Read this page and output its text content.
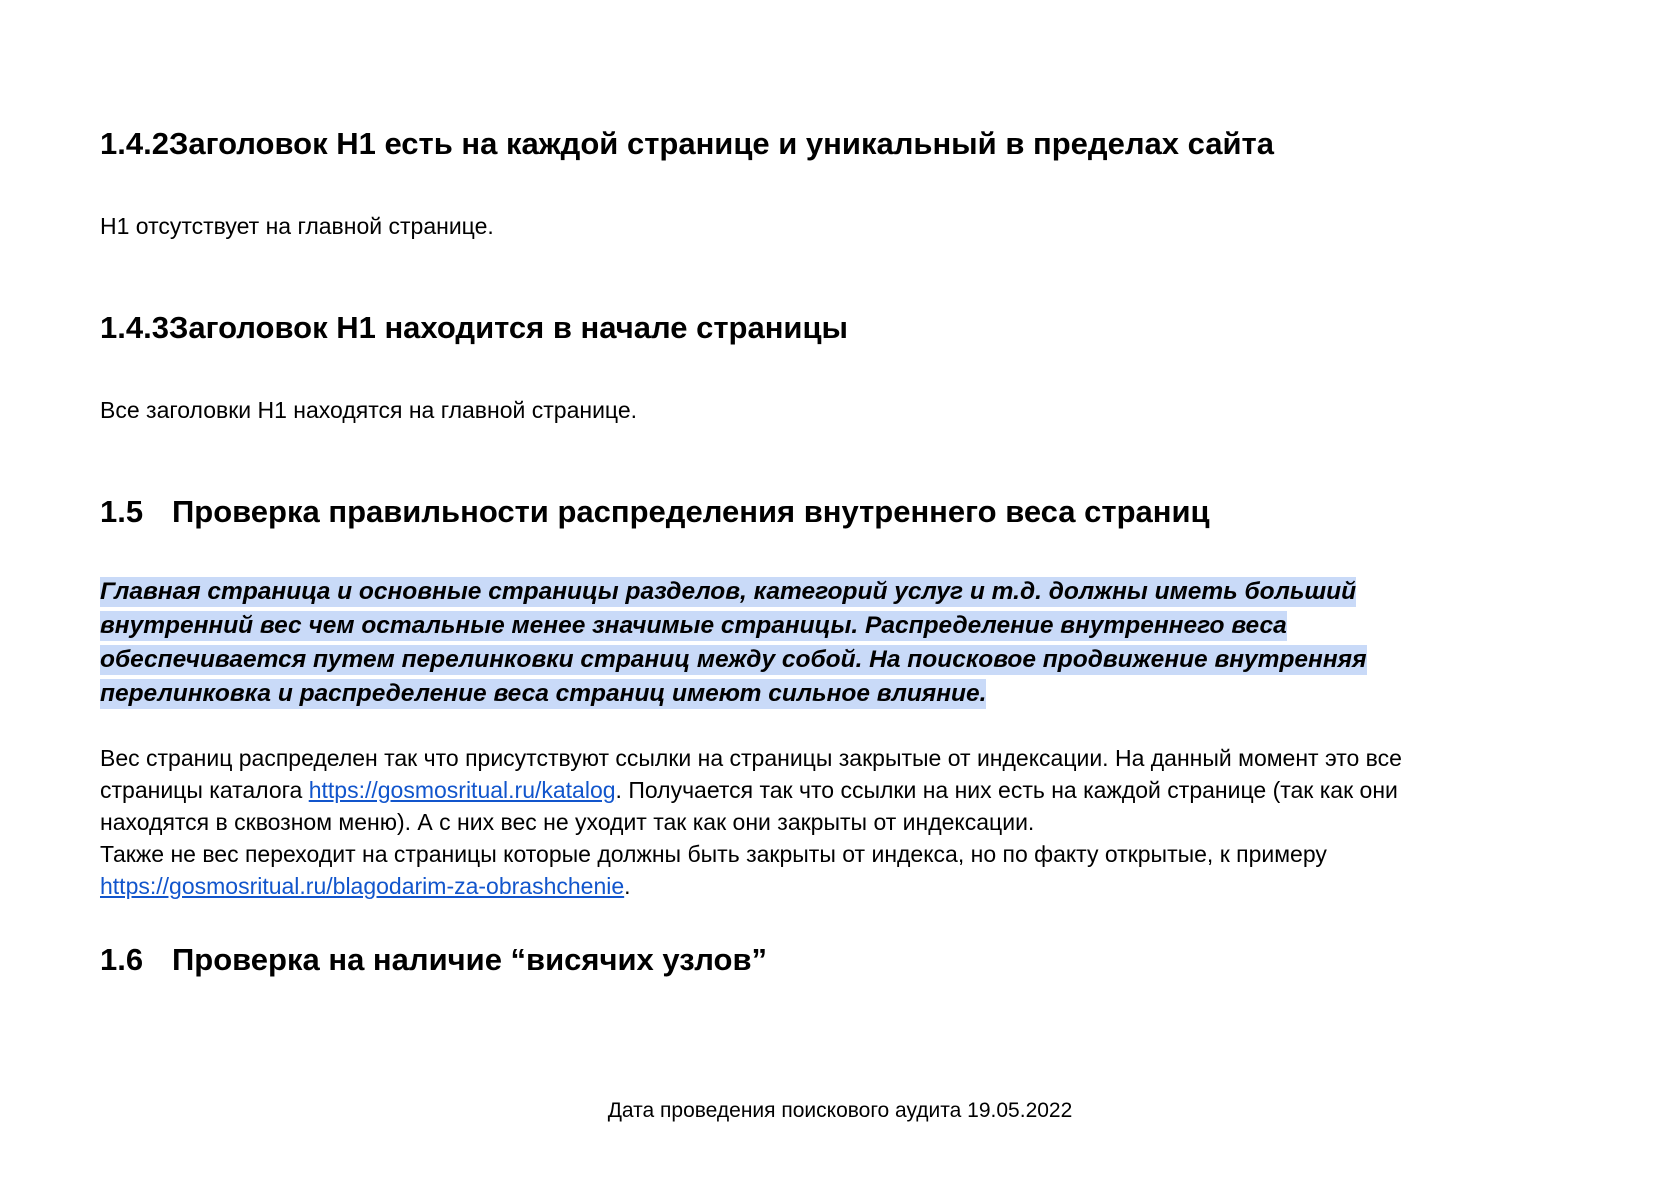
1.4.2Заголовок H1 есть на каждой странице и уникальный в пределах сайта

H1 отсутствует на главной странице.

1.4.3Заголовок H1 находится в начале страницы

Все заголовки H1 находятся на главной странице.

1.5 Проверка правильности распределения внутреннего веса страниц
Главная страница и основные страницы разделов, категорий услуг и т.д. должны иметь больший
внутренний вес чем остальные менее значимые страницы. Распределение внутреннего веса
обеспечивается путем перелинковки страниц между собой. На поисковое продвижение внутренняя
перелинковка и распределение веса страниц имеют сильное влияние.
Вес страниц распределен так что присутствуют ссылки на страницы закрытые от индексации. На данный момент это все
страницы каталога https://gosmosritual.ru/katalog. Получается так что ссылки на них есть на каждой странице (так как они
находятся в сквозном меню). А с них вес не уходит так как они закрыты от индексации.
Также не вес переходит на страницы которые должны быть закрыты от индекса, но по факту открытые, к примеру
https://gosmosritual.ru/blagodarim-za-obrashchenie.
1.6 Проверка на наличие “висячих узлов”
Дата проведения поискового аудита 19.05.2022
